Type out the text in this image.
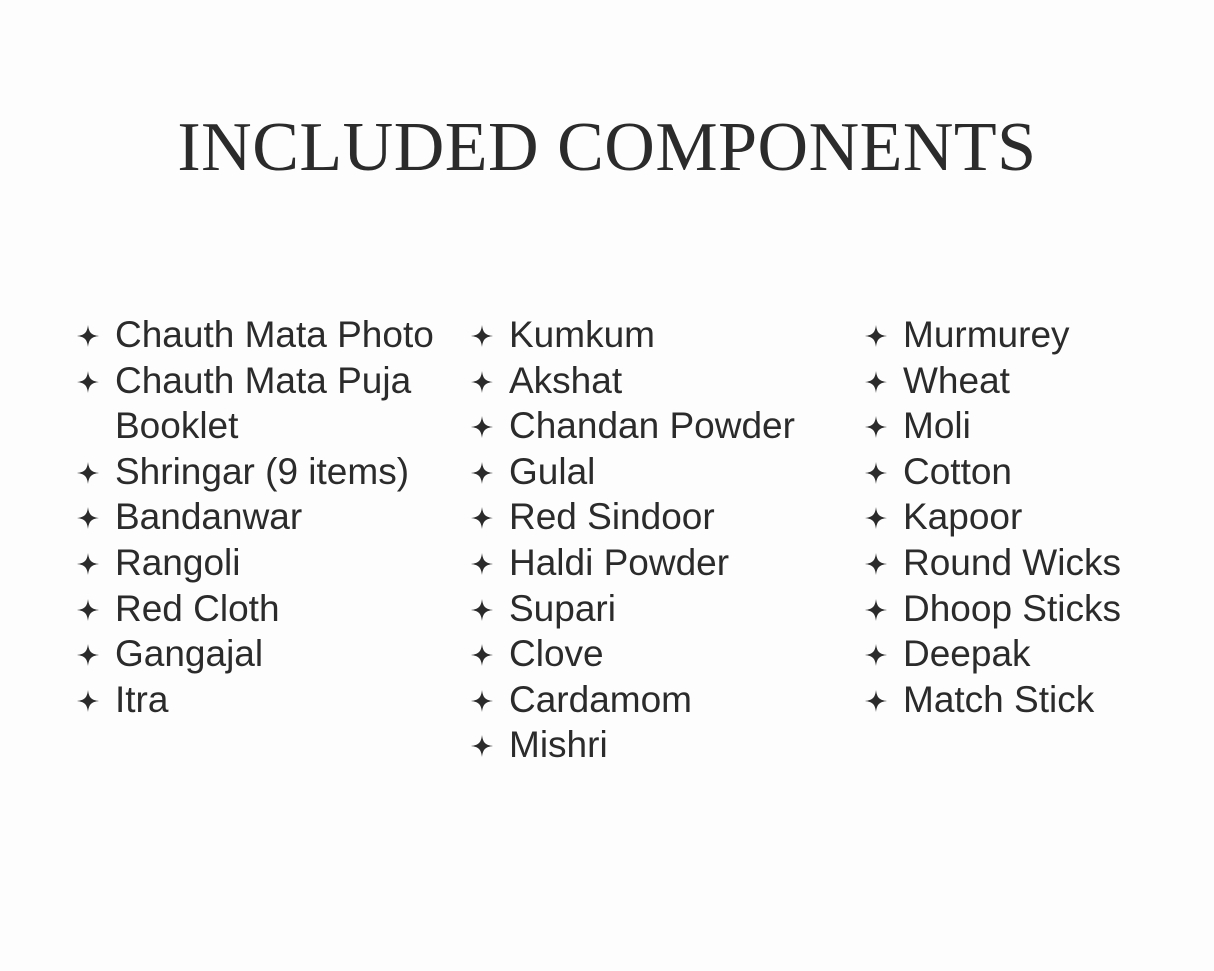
INCLUDED COMPONENTS
Chauth Mata Photo
Chauth Mata Puja Booklet
Shringar (9 items)
Bandanwar
Rangoli
Red Cloth
Gangajal
Itra
Kumkum
Akshat
Chandan Powder
Gulal
Red Sindoor
Haldi Powder
Supari
Clove
Cardamom
Mishri
Murmurey
Wheat
Moli
Cotton
Kapoor
Round Wicks
Dhoop Sticks
Deepak
Match Stick
